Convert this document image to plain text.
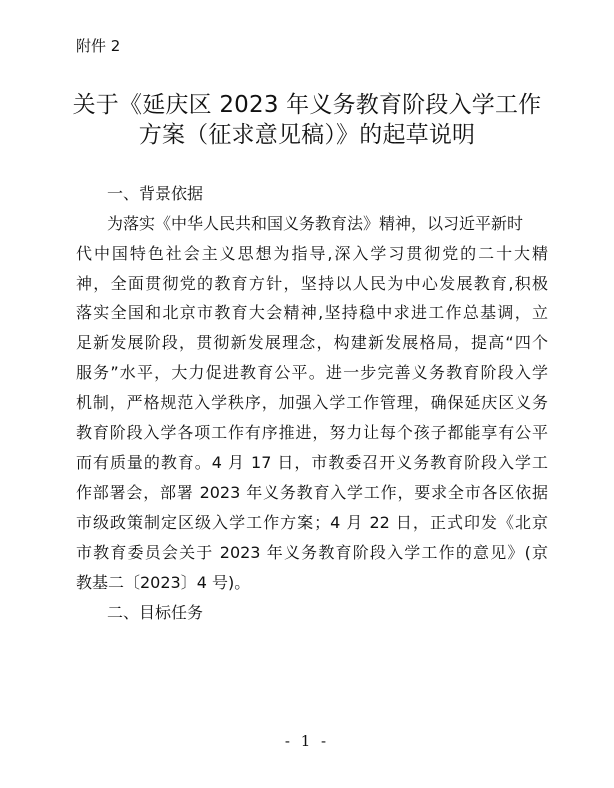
附件 2
关于《延庆区 2023 年义务教育阶段入学工作
方案（征求意见稿）》的起草说明
一、背景依据
为落实《中华人民共和国义务教育法》精神，以习近平新时
代中国特色社会主义思想为指导,深入学习贯彻党的二十大精
神，全面贯彻党的教育方针，坚持以人民为中心发展教育,积极
落实全国和北京市教育大会精神,坚持稳中求进工作总基调，立
足新发展阶段，贯彻新发展理念，构建新发展格局，提高“四个
服务”水平，大力促进教育公平。进一步完善义务教育阶段入学
机制，严格规范入学秩序，加强入学工作管理，确保延庆区义务
教育阶段入学各项工作有序推进，努力让每个孩子都能享有公平
而有质量的教育。4 月 17 日，市教委召开义务教育阶段入学工
作部署会，部署 2023 年义务教育入学工作，要求全市各区依据
市级政策制定区级入学工作方案；4 月 22 日，正式印发《北京
市教育委员会关于 2023 年义务教育阶段入学工作的意见》(京
教基二〔2023〕4 号)。
二、目标任务
- 1 -
